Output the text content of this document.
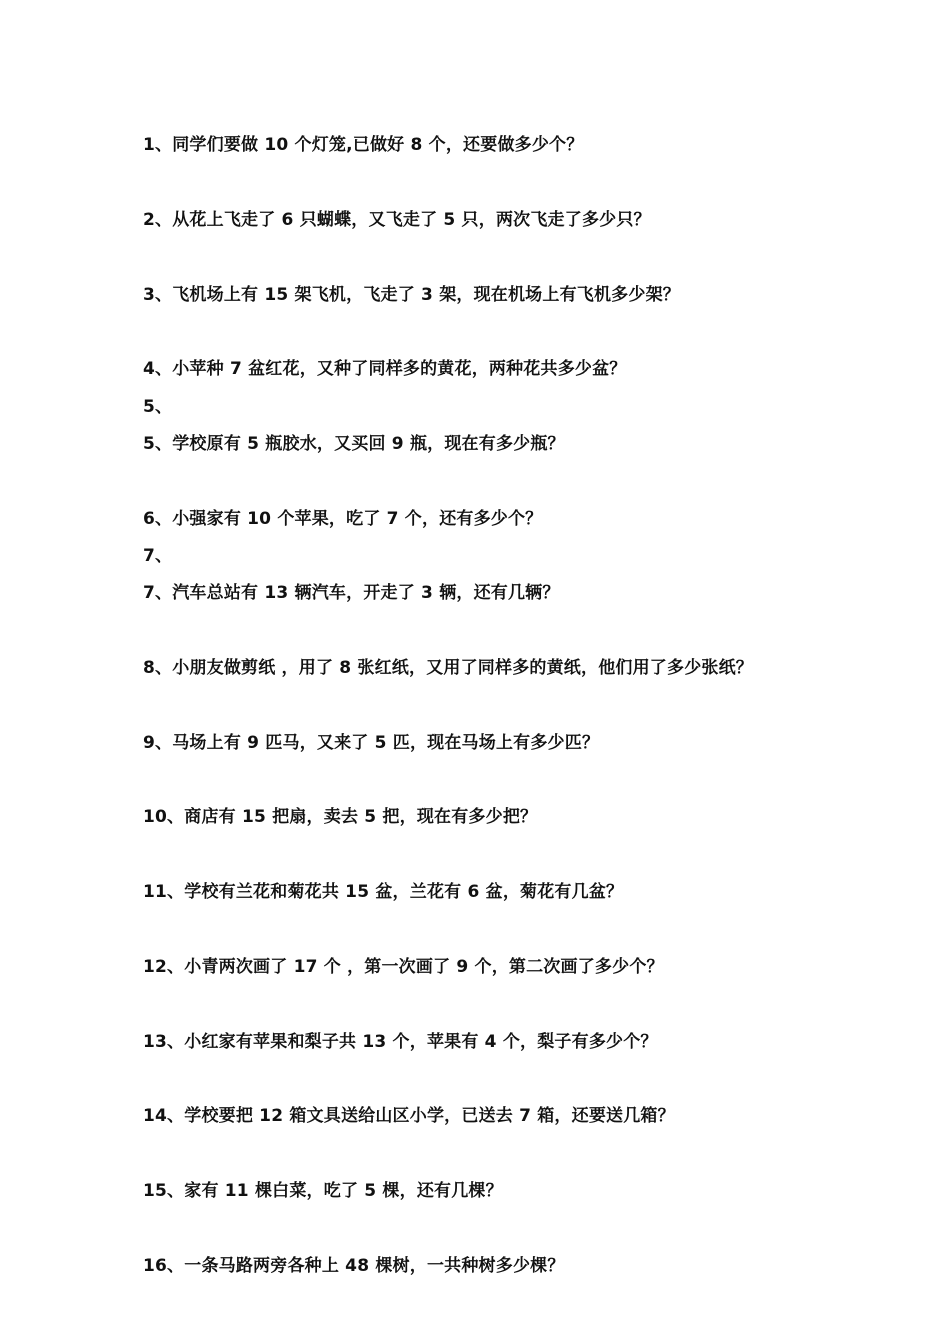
1、同学们要做 10 个灯笼,已做好 8 个，还要做多少个？
2、从花上飞走了 6 只蝴蝶，又飞走了 5 只，两次飞走了多少只？
3、飞机场上有 15 架飞机，飞走了 3 架，现在机场上有飞机多少架？
4、小苹种 7 盆红花，又种了同样多的黄花，两种花共多少盆？
5、
5、学校原有 5 瓶胶水，又买回 9 瓶，现在有多少瓶？
6、小强家有 10 个苹果，吃了 7 个，还有多少个？
7、
7、汽车总站有 13 辆汽车，开走了 3 辆，还有几辆？
8、小朋友做剪纸 ，用了 8 张红纸，又用了同样多的黄纸，他们用了多少张纸？
9、马场上有 9 匹马，又来了 5 匹，现在马场上有多少匹？
10、商店有 15 把扇，卖去 5 把，现在有多少把？
11、学校有兰花和菊花共 15 盆，兰花有 6 盆，菊花有几盆？
12、小青两次画了 17 个 ，第一次画了 9 个，第二次画了多少个？
13、小红家有苹果和梨子共 13 个，苹果有 4 个，梨子有多少个？
14、学校要把 12 箱文具送给山区小学，已送去 7 箱，还要送几箱？
15、家有 11 棵白菜，吃了 5 棵，还有几棵？
16、一条马路两旁各种上 48 棵树，一共种树多少棵？
